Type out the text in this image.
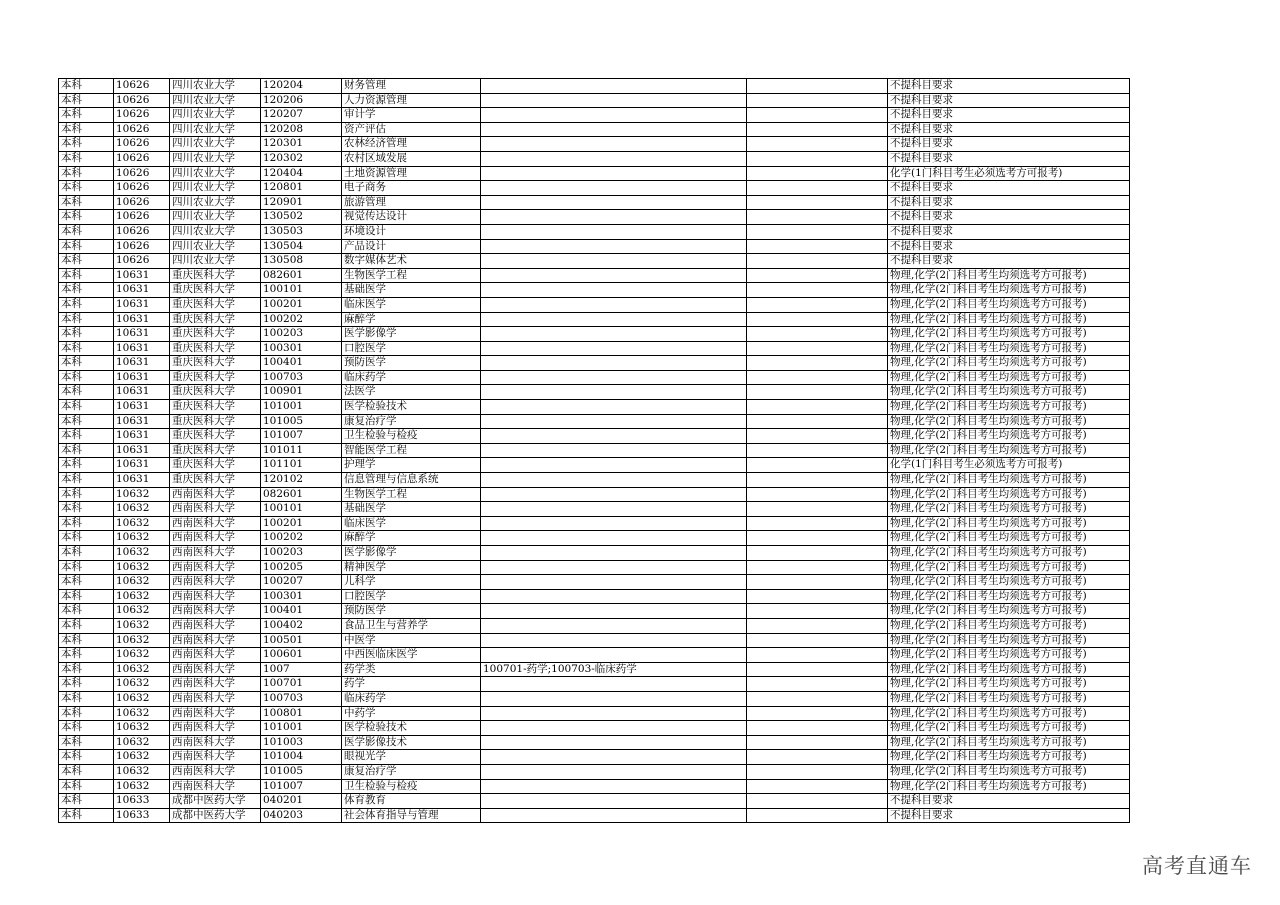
本科	10626	四川农业大学	120204	财务管理			不提科目要求
本科	10626	四川农业大学	120206	人力资源管理			不提科目要求
本科	10626	四川农业大学	120207	审计学			不提科目要求
本科	10626	四川农业大学	120208	资产评估			不提科目要求
本科	10626	四川农业大学	120301	农林经济管理			不提科目要求
本科	10626	四川农业大学	120302	农村区域发展			不提科目要求
本科	10626	四川农业大学	120404	土地资源管理			化学(1门科目考生必须选考方可报考)
本科	10626	四川农业大学	120801	电子商务			不提科目要求
本科	10626	四川农业大学	120901	旅游管理			不提科目要求
本科	10626	四川农业大学	130502	视觉传达设计			不提科目要求
本科	10626	四川农业大学	130503	环境设计			不提科目要求
本科	10626	四川农业大学	130504	产品设计			不提科目要求
本科	10626	四川农业大学	130508	数字媒体艺术			不提科目要求
本科	10631	重庆医科大学	082601	生物医学工程			物理,化学(2门科目考生均须选考方可报考)
本科	10631	重庆医科大学	100101	基础医学			物理,化学(2门科目考生均须选考方可报考)
本科	10631	重庆医科大学	100201	临床医学			物理,化学(2门科目考生均须选考方可报考)
本科	10631	重庆医科大学	100202	麻醉学			物理,化学(2门科目考生均须选考方可报考)
本科	10631	重庆医科大学	100203	医学影像学			物理,化学(2门科目考生均须选考方可报考)
本科	10631	重庆医科大学	100301	口腔医学			物理,化学(2门科目考生均须选考方可报考)
本科	10631	重庆医科大学	100401	预防医学			物理,化学(2门科目考生均须选考方可报考)
本科	10631	重庆医科大学	100703	临床药学			物理,化学(2门科目考生均须选考方可报考)
本科	10631	重庆医科大学	100901	法医学			物理,化学(2门科目考生均须选考方可报考)
本科	10631	重庆医科大学	101001	医学检验技术			物理,化学(2门科目考生均须选考方可报考)
本科	10631	重庆医科大学	101005	康复治疗学			物理,化学(2门科目考生均须选考方可报考)
本科	10631	重庆医科大学	101007	卫生检验与检疫			物理,化学(2门科目考生均须选考方可报考)
本科	10631	重庆医科大学	101011	智能医学工程			物理,化学(2门科目考生均须选考方可报考)
本科	10631	重庆医科大学	101101	护理学			化学(1门科目考生必须选考方可报考)
本科	10631	重庆医科大学	120102	信息管理与信息系统			物理,化学(2门科目考生均须选考方可报考)
本科	10632	西南医科大学	082601	生物医学工程			物理,化学(2门科目考生均须选考方可报考)
本科	10632	西南医科大学	100101	基础医学			物理,化学(2门科目考生均须选考方可报考)
本科	10632	西南医科大学	100201	临床医学			物理,化学(2门科目考生均须选考方可报考)
本科	10632	西南医科大学	100202	麻醉学			物理,化学(2门科目考生均须选考方可报考)
本科	10632	西南医科大学	100203	医学影像学			物理,化学(2门科目考生均须选考方可报考)
本科	10632	西南医科大学	100205	精神医学			物理,化学(2门科目考生均须选考方可报考)
本科	10632	西南医科大学	100207	儿科学			物理,化学(2门科目考生均须选考方可报考)
本科	10632	西南医科大学	100301	口腔医学			物理,化学(2门科目考生均须选考方可报考)
本科	10632	西南医科大学	100401	预防医学			物理,化学(2门科目考生均须选考方可报考)
本科	10632	西南医科大学	100402	食品卫生与营养学			物理,化学(2门科目考生均须选考方可报考)
本科	10632	西南医科大学	100501	中医学			物理,化学(2门科目考生均须选考方可报考)
本科	10632	西南医科大学	100601	中西医临床医学			物理,化学(2门科目考生均须选考方可报考)
本科	10632	西南医科大学	1007	药学类	100701-药学;100703-临床药学		物理,化学(2门科目考生均须选考方可报考)
本科	10632	西南医科大学	100701	药学			物理,化学(2门科目考生均须选考方可报考)
本科	10632	西南医科大学	100703	临床药学			物理,化学(2门科目考生均须选考方可报考)
本科	10632	西南医科大学	100801	中药学			物理,化学(2门科目考生均须选考方可报考)
本科	10632	西南医科大学	101001	医学检验技术			物理,化学(2门科目考生均须选考方可报考)
本科	10632	西南医科大学	101003	医学影像技术			物理,化学(2门科目考生均须选考方可报考)
本科	10632	西南医科大学	101004	眼视光学			物理,化学(2门科目考生均须选考方可报考)
本科	10632	西南医科大学	101005	康复治疗学			物理,化学(2门科目考生均须选考方可报考)
本科	10632	西南医科大学	101007	卫生检验与检疫			物理,化学(2门科目考生均须选考方可报考)
本科	10633	成都中医药大学	040201	体育教育			不提科目要求
本科	10633	成都中医药大学	040203	社会体育指导与管理			不提科目要求
高考直通车
